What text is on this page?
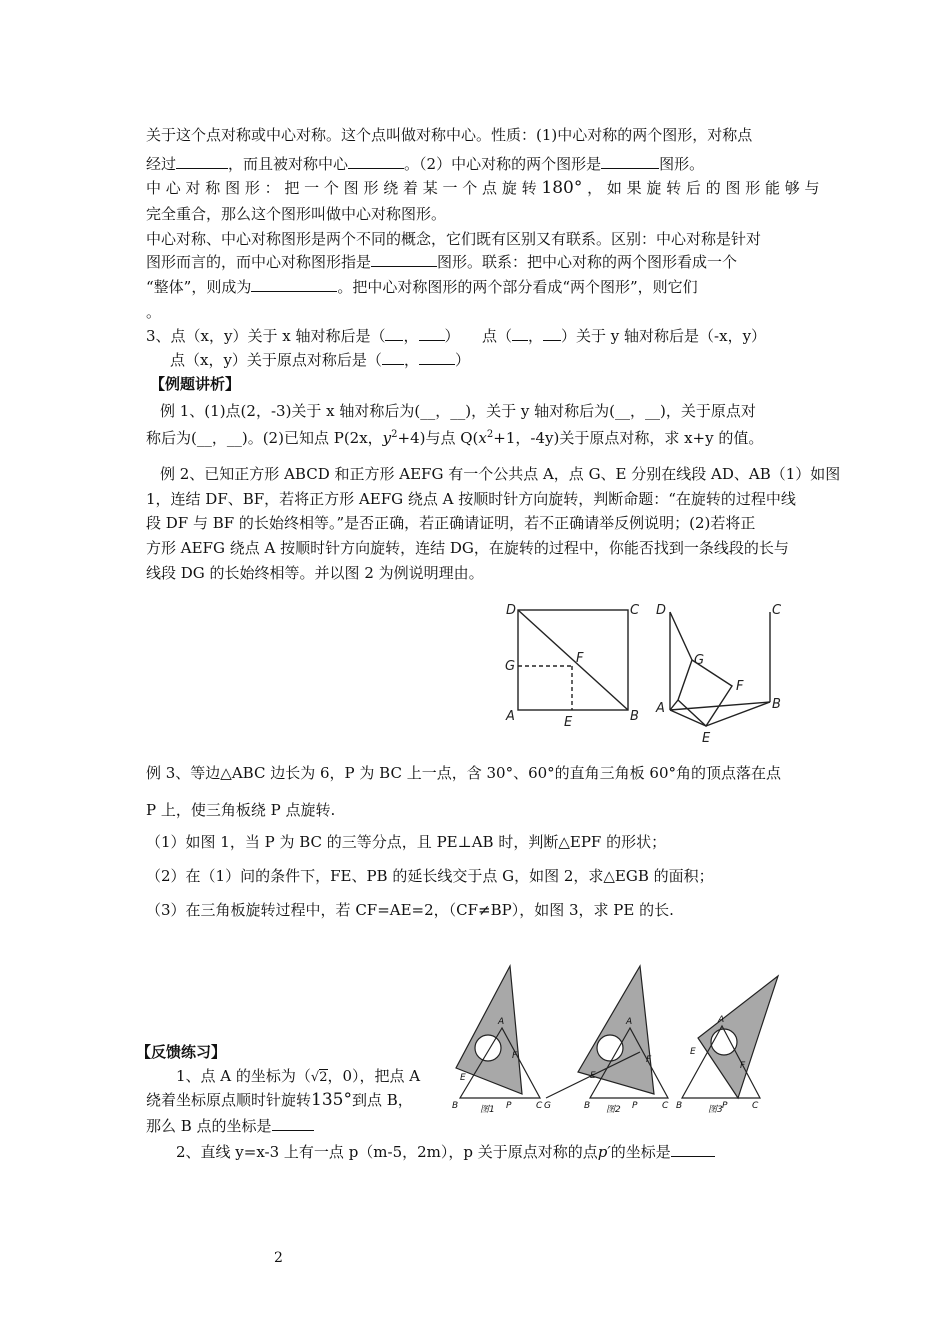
关于这个点对称或中心对称。这个点叫做对称中心。性质：(1)中心对称的两个图形，对称点
经过	，而且被对称中心	。（2）中心对称的两个图形是	图形。
中 心 对 称 图 形 ： 把 一 个 图 形 绕 着 某 一 个 点 旋 转 180° ， 如 果 旋 转 后 的 图 形 能 够 与
完全重合，那么这个图形叫做中心对称图形。
中心对称、中心对称图形是两个不同的概念，它们既有区别又有联系。区别：中心对称是针对
图形而言的，而中心对称图形指是	图形。联系：把中心对称的两个图形看成一个
“整体”，则成为	。把中心对称图形的两个部分看成“两个图形”，则它们
。
3、点（x，y）关于 x 轴对称后是（ ， ）　　点（ ， ）关于 y 轴对称后是（-x，y）
点（x，y）关于原点对称后是（ ， ）
【例题讲析】
例 1、(1)点(2，-3)关于 x 轴对称后为(__，__)，关于 y 轴对称后为(__，__)，关于原点对
称后为(__，__)。(2)已知点 P(2x，$y^2+4$)与点 $Q(x^2+1$，-4y)关于原点对称，求 x+y 的值。
例 2、已知正方形 ABCD 和正方形 AEFG 有一个公共点 A，点 G、E 分别在线段 AD、AB（1）如图
1，连结 DF、BF，若将正方形 AEFG 绕点 A 按顺时针方向旋转，判断命题：“在旋转的过程中线
段 DF 与 BF 的长始终相等。”是否正确，若正确请证明，若不正确请举反例说明；(2)若将正
方形 AEFG 绕点 A 按顺时针方向旋转，连结 DG，在旋转的过程中，你能否找到一条线段的长与
线段 DG 的长始终相等。并以图 2 为例说明理由。
D	C
G
F
A	E	B
D	C
G
F
A
E
B
例 3、等边△ABC 边长为 6，P 为 BC 上一点，含 30°、60°的直角三角板 60°角的顶点落在点
P 上，使三角板绕 P 点旋转.
（1）如图 1，当 P 为 BC 的三等分点，且 PE⊥AB 时，判断△EPF 的形状；
（2）在（1）问的条件下，FE、PB 的延长线交于点 G，如图 2，求△EGB 的面积；
（3）在三角板旋转过程中，若 CF=AE=2，（CF≠BP），如图 3，求 PE 的长.
A
E
F
B	P	C
图1	G
A
E
F
B	P	C
图2
A
E
F
B	P	C
图3
【反馈练习】
1、点 A 的坐标为（√2，0），把点 A
绕着坐标原点顺时针旋转135°到点 B，
那么 B 点的坐标是
2、直线 y=x-3 上有一点 p（m-5，2m），p 关于原点对称的点p′的坐标是
2
